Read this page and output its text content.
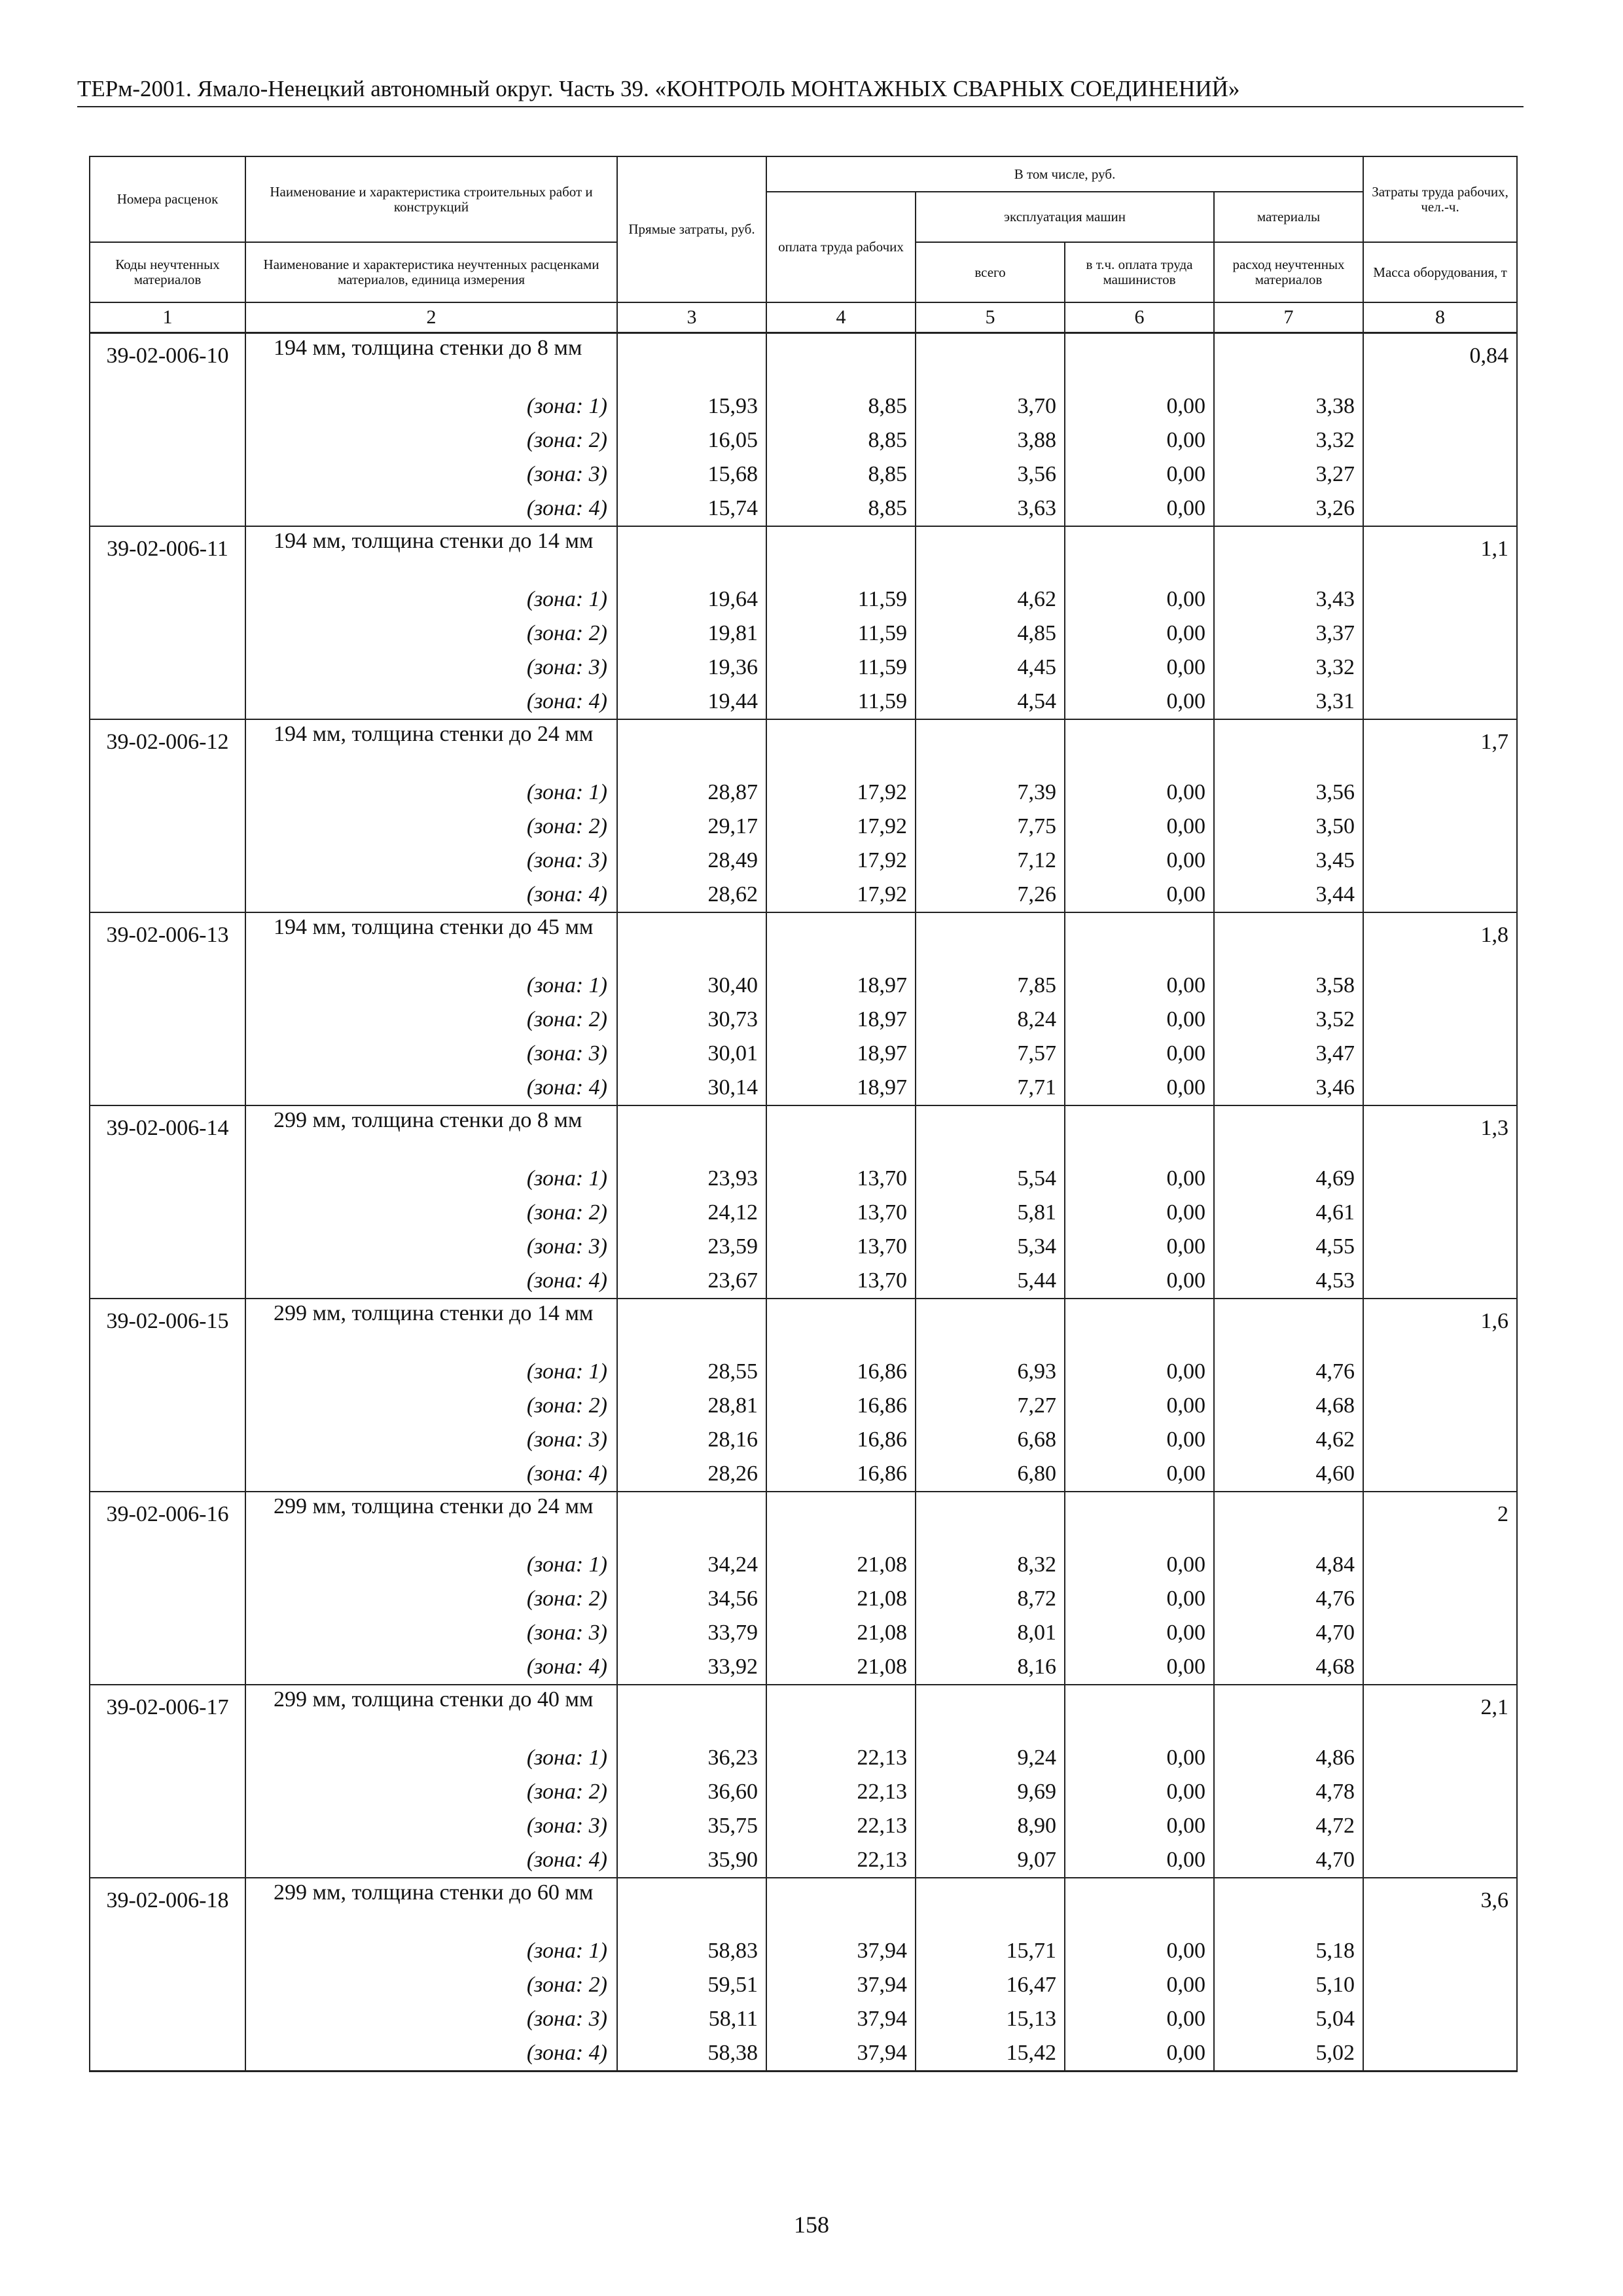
ТЕРм-2001. Ямало-Ненецкий автономный округ. Часть 39. «КОНТРОЛЬ МОНТАЖНЫХ СВАРНЫХ СОЕДИНЕНИЙ»
Номера расценок	Наименование и характеристика строительных работ и конструкций	Прямые затраты, руб.	В том числе, руб.				Затраты труда рабочих, чел.-ч.
			оплата труда рабочих	эксплуатация машин		материалы	
Коды неучтенных материалов	Наименование и характеристика неучтенных расценками материалов, единица измерения			всего	в т.ч. оплата труда машинистов	расход неучтенных материалов	Масса оборудования, т
1	2	3	4	5	6	7	8
39-02-006-10	194 мм, толщина стенки до 8 мм						0,84
	(зона: 1)	15,93	8,85	3,70	0,00	3,38	
	(зона: 2)	16,05	8,85	3,88	0,00	3,32	
	(зона: 3)	15,68	8,85	3,56	0,00	3,27	
	(зона: 4)	15,74	8,85	3,63	0,00	3,26	
39-02-006-11	194 мм, толщина стенки до 14 мм						1,1
	(зона: 1)	19,64	11,59	4,62	0,00	3,43	
	(зона: 2)	19,81	11,59	4,85	0,00	3,37	
	(зона: 3)	19,36	11,59	4,45	0,00	3,32	
	(зона: 4)	19,44	11,59	4,54	0,00	3,31	
39-02-006-12	194 мм, толщина стенки до 24 мм						1,7
	(зона: 1)	28,87	17,92	7,39	0,00	3,56	
	(зона: 2)	29,17	17,92	7,75	0,00	3,50	
	(зона: 3)	28,49	17,92	7,12	0,00	3,45	
	(зона: 4)	28,62	17,92	7,26	0,00	3,44	
39-02-006-13	194 мм, толщина стенки до 45 мм						1,8
	(зона: 1)	30,40	18,97	7,85	0,00	3,58	
	(зона: 2)	30,73	18,97	8,24	0,00	3,52	
	(зона: 3)	30,01	18,97	7,57	0,00	3,47	
	(зона: 4)	30,14	18,97	7,71	0,00	3,46	
39-02-006-14	299 мм, толщина стенки до 8 мм						1,3
	(зона: 1)	23,93	13,70	5,54	0,00	4,69	
	(зона: 2)	24,12	13,70	5,81	0,00	4,61	
	(зона: 3)	23,59	13,70	5,34	0,00	4,55	
	(зона: 4)	23,67	13,70	5,44	0,00	4,53	
39-02-006-15	299 мм, толщина стенки до 14 мм						1,6
	(зона: 1)	28,55	16,86	6,93	0,00	4,76	
	(зона: 2)	28,81	16,86	7,27	0,00	4,68	
	(зона: 3)	28,16	16,86	6,68	0,00	4,62	
	(зона: 4)	28,26	16,86	6,80	0,00	4,60	
39-02-006-16	299 мм, толщина стенки до 24 мм						2
	(зона: 1)	34,24	21,08	8,32	0,00	4,84	
	(зона: 2)	34,56	21,08	8,72	0,00	4,76	
	(зона: 3)	33,79	21,08	8,01	0,00	4,70	
	(зона: 4)	33,92	21,08	8,16	0,00	4,68	
39-02-006-17	299 мм, толщина стенки до 40 мм						2,1
	(зона: 1)	36,23	22,13	9,24	0,00	4,86	
	(зона: 2)	36,60	22,13	9,69	0,00	4,78	
	(зона: 3)	35,75	22,13	8,90	0,00	4,72	
	(зона: 4)	35,90	22,13	9,07	0,00	4,70	
39-02-006-18	299 мм, толщина стенки до 60 мм						3,6
	(зона: 1)	58,83	37,94	15,71	0,00	5,18	
	(зона: 2)	59,51	37,94	16,47	0,00	5,10	
	(зона: 3)	58,11	37,94	15,13	0,00	5,04	
	(зона: 4)	58,38	37,94	15,42	0,00	5,02	
158
